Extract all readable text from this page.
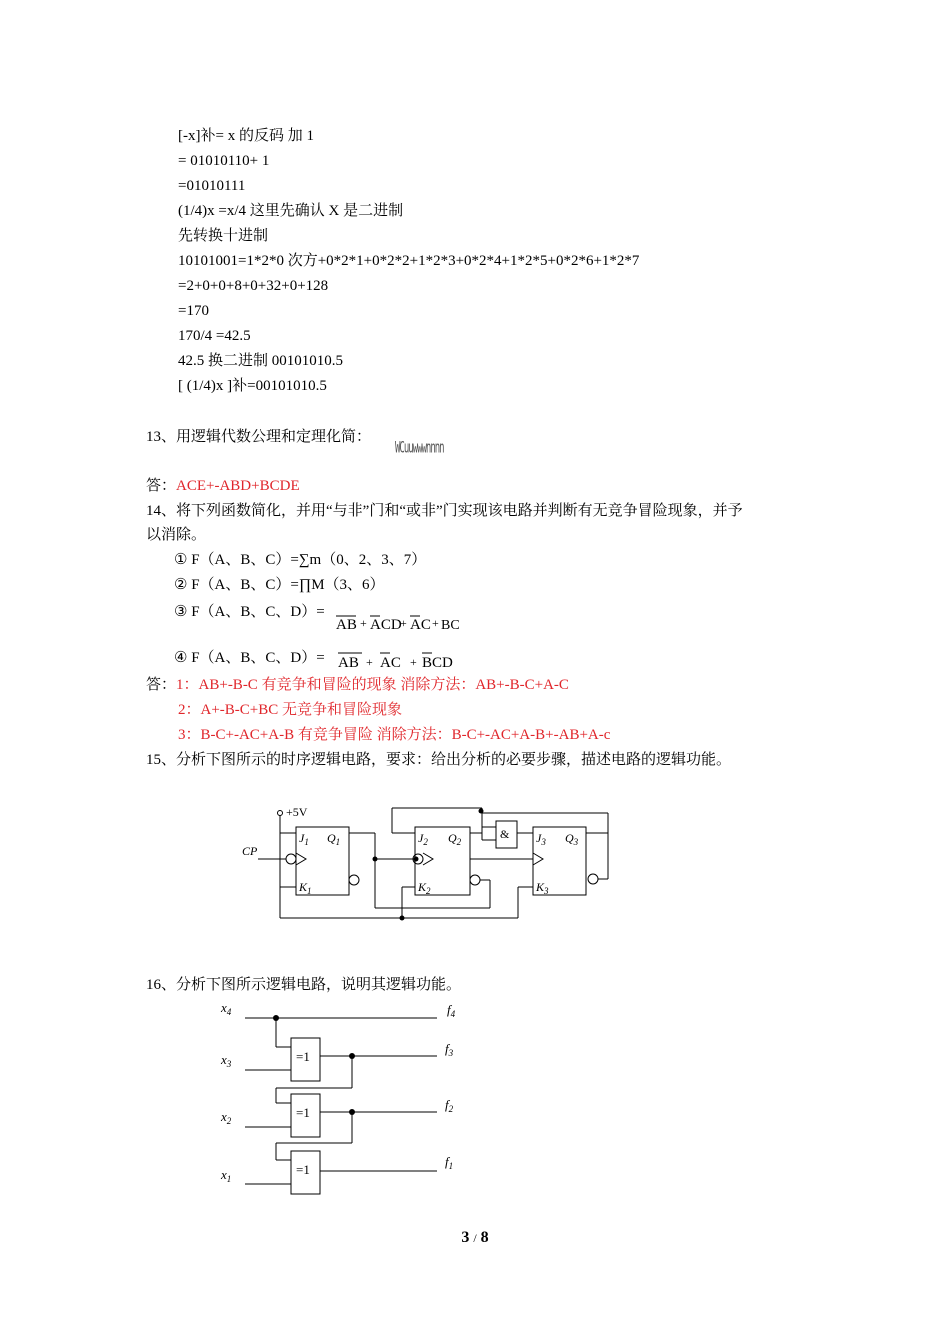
[-x]补= x 的反码 加 1
= 01010110+ 1
=01010111
(1/4)x =x/4 这里先确认 X 是二进制
先转换十进制
10101001=1*2*0 次方+0*2*1+0*2*2+1*2*3+0*2*4+1*2*5+0*2*6+1*2*7
=2+0+0+8+0+32+0+128
=170
170/4 =42.5
42.5 换二进制 00101010.5
[ (1/4)x ]补=00101010.5
13、用逻辑代数公理和定理化简：
WCuuwwwnnnn
答：ACE+-ABD+BCDE
14、将下列函数简化，并用“与非”门和“或非”门实现该电路并判断有无竞争冒险现象，并予
以消除。
① F（A、B、C）=∑m（0、2、3、7）
② F（A、B、C）=∏M（3、6）
③ F（A、B、C、D）=
AB + ACD
+ AC + BC
④ F（A、B、C、D）= AB + AC + BCD
答：1：AB+-B-C 有竞争和冒险的现象 消除方法：AB+-B-C+A-C
2：A+-B-C+BC 无竞争和冒险现象
3：B-C+-AC+A-B 有竞争冒险 消除方法：B-C+-AC+A-B+-AB+A-c
15、分析下图所示的时序逻辑电路，要求：给出分析的必要步骤，描述电路的逻辑功能。
+5V
CP
$J_1$ $Q_1$
$K_1$
$J_2$ $Q_2$
$K_2$
$J_3$ $Q_3$
$K_3$
&
16、分析下图所示逻辑电路，说明其逻辑功能。
=1
=1
=1
$x_4$
$x_3$
$x_2$
$x_1$
$f_4$
$f_3$
$f_2$
$f_1$
3 / 8
